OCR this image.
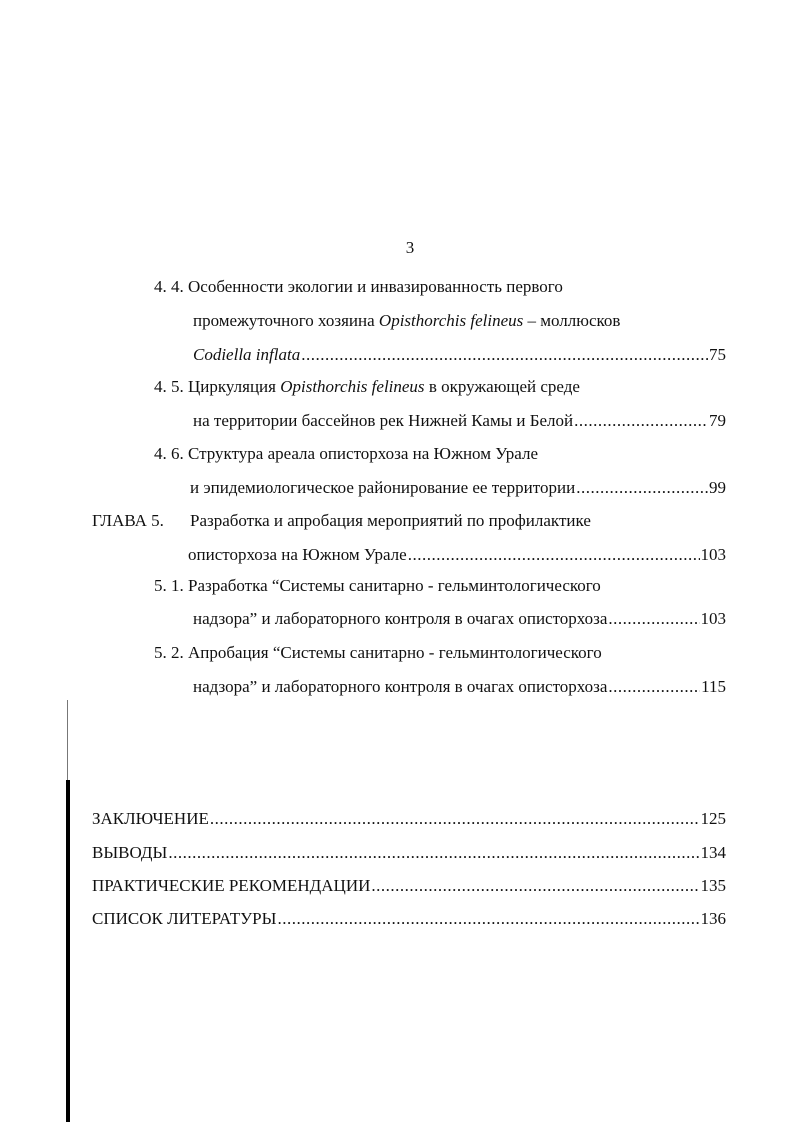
3
4. 4. Особенности экологии и инвазированность первого
промежуточного хозяина Opisthorchis felineus – моллюсков
Codiella inflata .....	75
4. 5. Циркуляция Opisthorchis felineus в окружающей среде
на территории бассейнов рек Нижней Камы и Белой .....	79
4. 6. Структура ареала описторхоза на Южном Урале
и эпидемиологическое районирование ее территории .....	99
ГЛАВА 5. Разработка и апробация мероприятий по профилактике
описторхоза на Южном Урале .....	103
5. 1. Разработка “Системы санитарно - гельминтологического
надзора” и лабораторного контроля в очагах описторхоза .....	103
5. 2. Апробация “Системы санитарно - гельминтологического
надзора” и лабораторного контроля в очагах описторхоза .....	115
ЗАКЛЮЧЕНИЕ .....	125
ВЫВОДЫ .....	134
ПРАКТИЧЕСКИЕ РЕКОМЕНДАЦИИ .....	135
СПИСОК ЛИТЕРАТУРЫ .....	136
